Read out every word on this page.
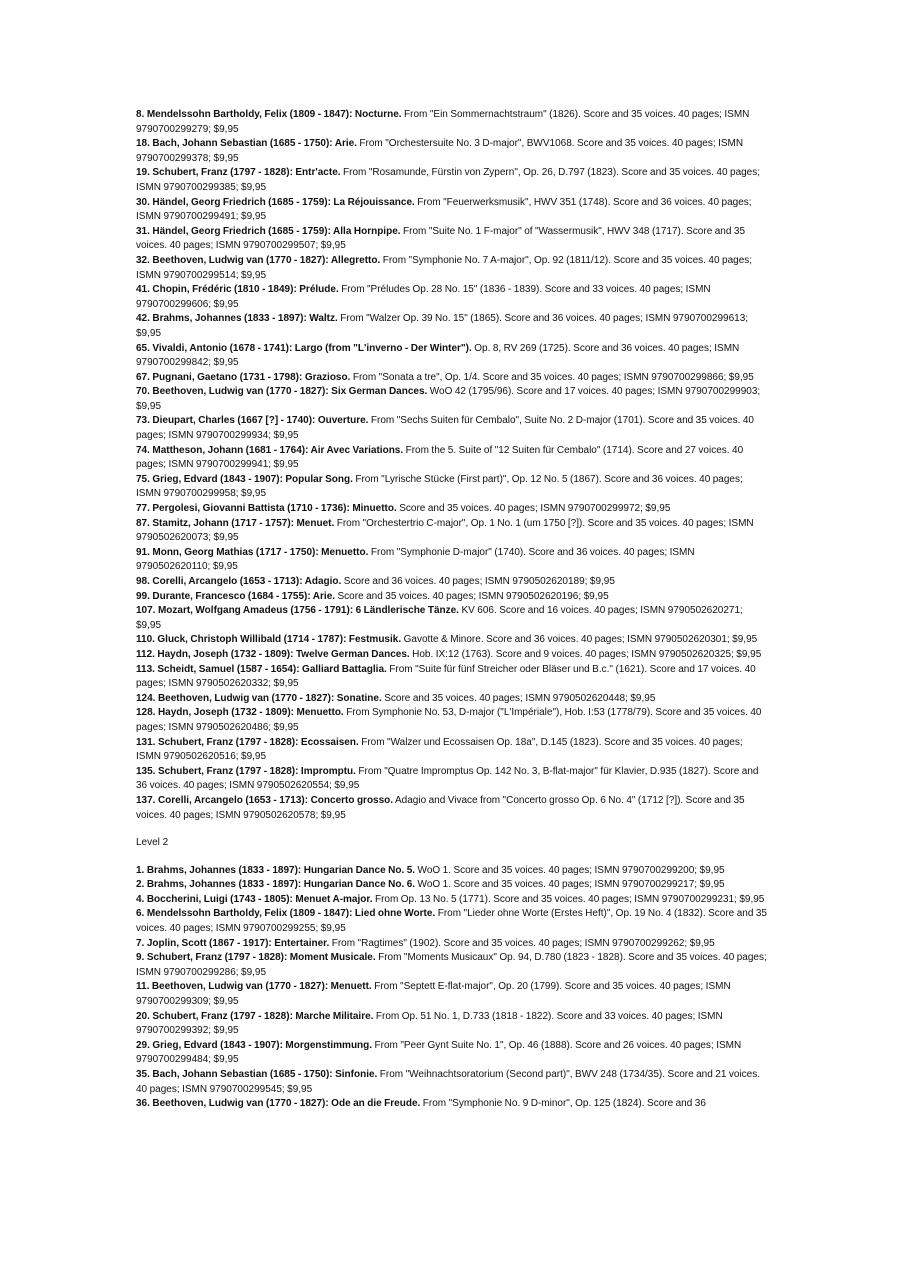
8. Mendelssohn Bartholdy, Felix (1809 - 1847): Nocturne. From "Ein Sommernachtstraum" (1826). Score and 35 voices. 40 pages; ISMN 9790700299279; $9,95

18. Bach, Johann Sebastian (1685 - 1750): Arie. From "Orchestersuite No. 3 D-major", BWV1068. Score and 35 voices. 40 pages; ISMN 9790700299378; $9,95

19. Schubert, Franz (1797 - 1828): Entr'acte. From "Rosamunde, Fürstin von Zypern", Op. 26, D.797 (1823). Score and 35 voices. 40 pages; ISMN 9790700299385; $9,95

30. Händel, Georg Friedrich (1685 - 1759): La Réjouissance. From "Feuerwerksmusik", HWV 351 (1748). Score and 36 voices. 40 pages; ISMN 9790700299491; $9,95

31. Händel, Georg Friedrich (1685 - 1759): Alla Hornpipe. From "Suite No. 1 F-major" of "Wassermusik", HWV 348 (1717). Score and 35 voices. 40 pages; ISMN 9790700299507; $9,95

32. Beethoven, Ludwig van (1770 - 1827): Allegretto. From "Symphonie No. 7 A-major", Op. 92 (1811/12). Score and 35 voices. 40 pages; ISMN 9790700299514; $9,95

41. Chopin, Frédéric (1810 - 1849): Prélude. From "Préludes Op. 28 No. 15" (1836 - 1839). Score and 33 voices. 40 pages; ISMN 9790700299606; $9,95

42. Brahms, Johannes (1833 - 1897): Waltz. From "Walzer Op. 39 No. 15" (1865). Score and 36 voices. 40 pages; ISMN 9790700299613; $9,95

65. Vivaldi, Antonio (1678 - 1741): Largo (from "L'inverno - Der Winter"). Op. 8, RV 269 (1725). Score and 36 voices. 40 pages; ISMN 9790700299842; $9,95

67. Pugnani, Gaetano (1731 - 1798): Grazioso. From "Sonata a tre", Op. 1/4. Score and 35 voices. 40 pages; ISMN 9790700299866; $9,95

70. Beethoven, Ludwig van (1770 - 1827): Six German Dances. WoO 42 (1795/96). Score and 17 voices. 40 pages; ISMN 9790700299903; $9,95

73. Dieupart, Charles (1667 [?] - 1740): Ouverture. From "Sechs Suiten für Cembalo", Suite No. 2 D-major (1701). Score and 35 voices. 40 pages; ISMN 9790700299934; $9,95

74. Mattheson, Johann (1681 - 1764): Air Avec Variations. From the 5. Suite of "12 Suiten für Cembalo" (1714). Score and 27 voices. 40 pages; ISMN 9790700299941; $9,95

75. Grieg, Edvard (1843 - 1907): Popular Song. From "Lyrische Stücke (First part)", Op. 12 No. 5 (1867). Score and 36 voices. 40 pages; ISMN 9790700299958; $9,95

77. Pergolesi, Giovanni Battista (1710 - 1736): Minuetto. Score and 35 voices. 40 pages; ISMN 9790700299972; $9,95

87. Stamitz, Johann (1717 - 1757): Menuet. From "Orchestertrio C-major", Op. 1 No. 1 (um 1750 [?]). Score and 35 voices. 40 pages; ISMN 9790502620073; $9,95

91. Monn, Georg Mathias (1717 - 1750): Menuetto. From "Symphonie D-major" (1740). Score and 36 voices. 40 pages; ISMN 9790502620110; $9,95

98. Corelli, Arcangelo (1653 - 1713): Adagio. Score and 36 voices. 40 pages; ISMN 9790502620189; $9,95

99. Durante, Francesco (1684 - 1755): Arie. Score and 35 voices. 40 pages; ISMN 9790502620196; $9,95

107. Mozart, Wolfgang Amadeus (1756 - 1791): 6 Ländlerische Tänze. KV 606. Score and 16 voices. 40 pages; ISMN 9790502620271; $9,95

110. Gluck, Christoph Willibald (1714 - 1787): Festmusik. Gavotte & Minore. Score and 36 voices. 40 pages; ISMN 9790502620301; $9,95

112. Haydn, Joseph (1732 - 1809): Twelve German Dances. Hob. IX:12 (1763). Score and 9 voices. 40 pages; ISMN 9790502620325; $9,95

113. Scheidt, Samuel (1587 - 1654): Galliard Battaglia. From "Suite für fünf Streicher oder Bläser und B.c." (1621). Score and 17 voices. 40 pages; ISMN 9790502620332; $9,95

124. Beethoven, Ludwig van (1770 - 1827): Sonatine. Score and 35 voices. 40 pages; ISMN 9790502620448; $9,95

128. Haydn, Joseph (1732 - 1809): Menuetto. From Symphonie No. 53, D-major ("L'Impériale"), Hob. I:53 (1778/79). Score and 35 voices. 40 pages; ISMN 9790502620486; $9,95

131. Schubert, Franz (1797 - 1828): Ecossaisen. From "Walzer und Ecossaisen Op. 18a", D.145 (1823). Score and 35 voices. 40 pages; ISMN 9790502620516; $9,95

135. Schubert, Franz (1797 - 1828): Impromptu. From "Quatre Impromptus Op. 142 No. 3, B-flat-major" für Klavier, D.935 (1827). Score and 36 voices. 40 pages; ISMN 9790502620554; $9,95

137. Corelli, Arcangelo (1653 - 1713): Concerto grosso. Adagio and Vivace from "Concerto grosso Op. 6 No. 4" (1712 [?]). Score and 35 voices. 40 pages; ISMN 9790502620578; $9,95

Level 2

1. Brahms, Johannes (1833 - 1897): Hungarian Dance No. 5. WoO 1. Score and 35 voices. 40 pages; ISMN 9790700299200; $9,95

2. Brahms, Johannes (1833 - 1897): Hungarian Dance No. 6. WoO 1. Score and 35 voices. 40 pages; ISMN 9790700299217; $9,95

4. Boccherini, Luigi (1743 - 1805): Menuet A-major. From Op. 13 No. 5 (1771). Score and 35 voices. 40 pages; ISMN 9790700299231; $9,95

6. Mendelssohn Bartholdy, Felix (1809 - 1847): Lied ohne Worte. From "Lieder ohne Worte (Erstes Heft)", Op. 19 No. 4 (1832). Score and 35 voices. 40 pages; ISMN 9790700299255; $9,95

7. Joplin, Scott (1867 - 1917): Entertainer. From "Ragtimes" (1902). Score and 35 voices. 40 pages; ISMN 9790700299262; $9,95

9. Schubert, Franz (1797 - 1828): Moment Musicale. From "Moments Musicaux" Op. 94, D.780 (1823 - 1828). Score and 35 voices. 40 pages; ISMN 9790700299286; $9,95

11. Beethoven, Ludwig van (1770 - 1827): Menuett. From "Septett E-flat-major", Op. 20 (1799). Score and 35 voices. 40 pages; ISMN 9790700299309; $9,95

20. Schubert, Franz (1797 - 1828): Marche Militaire. From Op. 51 No. 1, D.733 (1818 - 1822). Score and 33 voices. 40 pages; ISMN 9790700299392; $9,95

29. Grieg, Edvard (1843 - 1907): Morgenstimmung. From "Peer Gynt Suite No. 1", Op. 46 (1888). Score and 26 voices. 40 pages; ISMN 9790700299484; $9,95

35. Bach, Johann Sebastian (1685 - 1750): Sinfonie. From "Weihnachtsoratorium (Second part)", BWV 248 (1734/35). Score and 21 voices. 40 pages; ISMN 9790700299545; $9,95

36. Beethoven, Ludwig van (1770 - 1827): Ode an die Freude. From "Symphonie No. 9 D-minor", Op. 125 (1824). Score and 36
